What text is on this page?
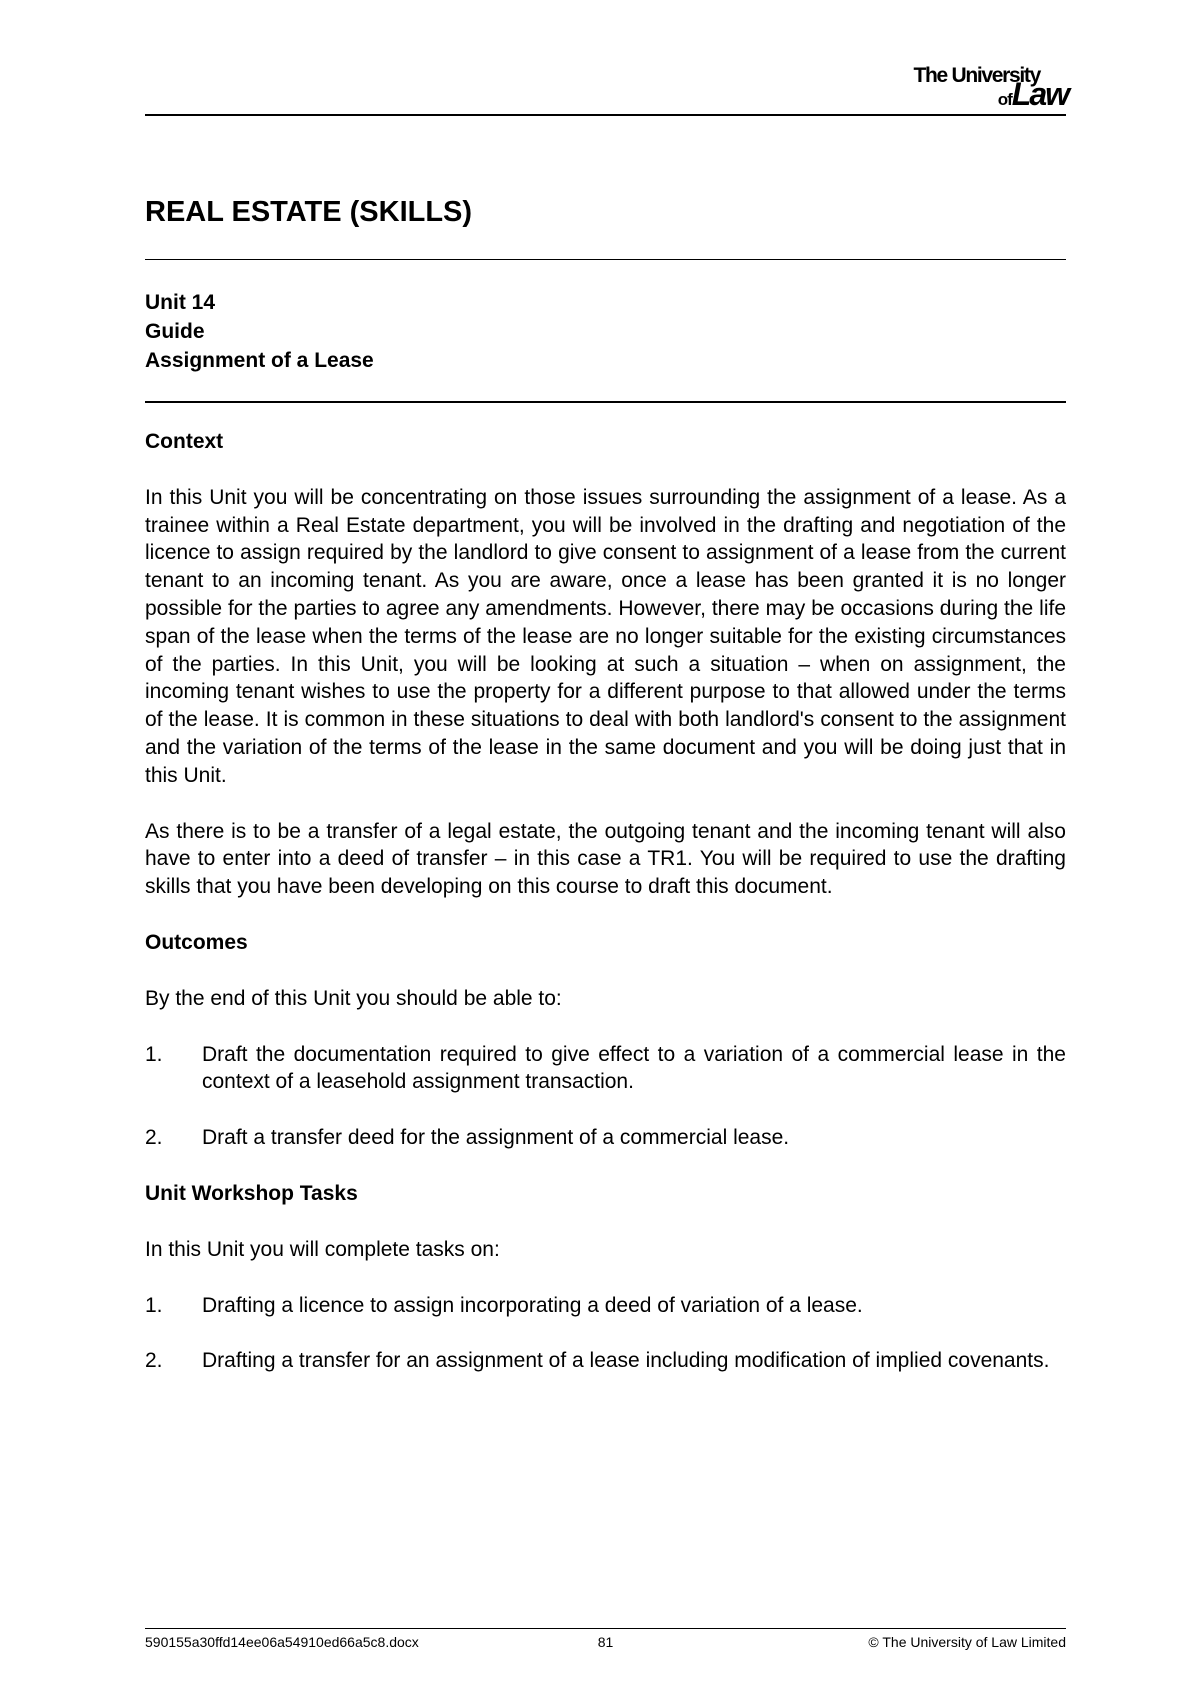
The University
ofLaw
REAL ESTATE (SKILLS)
Unit 14
Guide
Assignment of a Lease
Context

In this Unit you will be concentrating on those issues surrounding the assignment of a lease. As a trainee within a Real Estate department, you will be involved in the drafting and negotiation of the licence to assign required by the landlord to give consent to assignment of a lease from the current tenant to an incoming tenant. As you are aware, once a lease has been granted it is no longer possible for the parties to agree any amendments. However, there may be occasions during the life span of the lease when the terms of the lease are no longer suitable for the existing circumstances of the parties. In this Unit, you will be looking at such a situation – when on assignment, the incoming tenant wishes to use the property for a different purpose to that allowed under the terms of the lease. It is common in these situations to deal with both landlord's consent to the assignment and the variation of the terms of the lease in the same document and you will be doing just that in this Unit.

As there is to be a transfer of a legal estate, the outgoing tenant and the incoming tenant will also have to enter into a deed of transfer – in this case a TR1. You will be required to use the drafting skills that you have been developing on this course to draft this document.

Outcomes

By the end of this Unit you should be able to:

1. Draft the documentation required to give effect to a variation of a commercial lease in the context of a leasehold assignment transaction.
2. Draft a transfer deed for the assignment of a commercial lease.
Unit Workshop Tasks

In this Unit you will complete tasks on:

1. Drafting a licence to assign incorporating a deed of variation of a lease.
2. Drafting a transfer for an assignment of a lease including modification of implied covenants.
590155a30ffd14ee06a54910ed66a5c8.docx	81	© The University of Law Limited
